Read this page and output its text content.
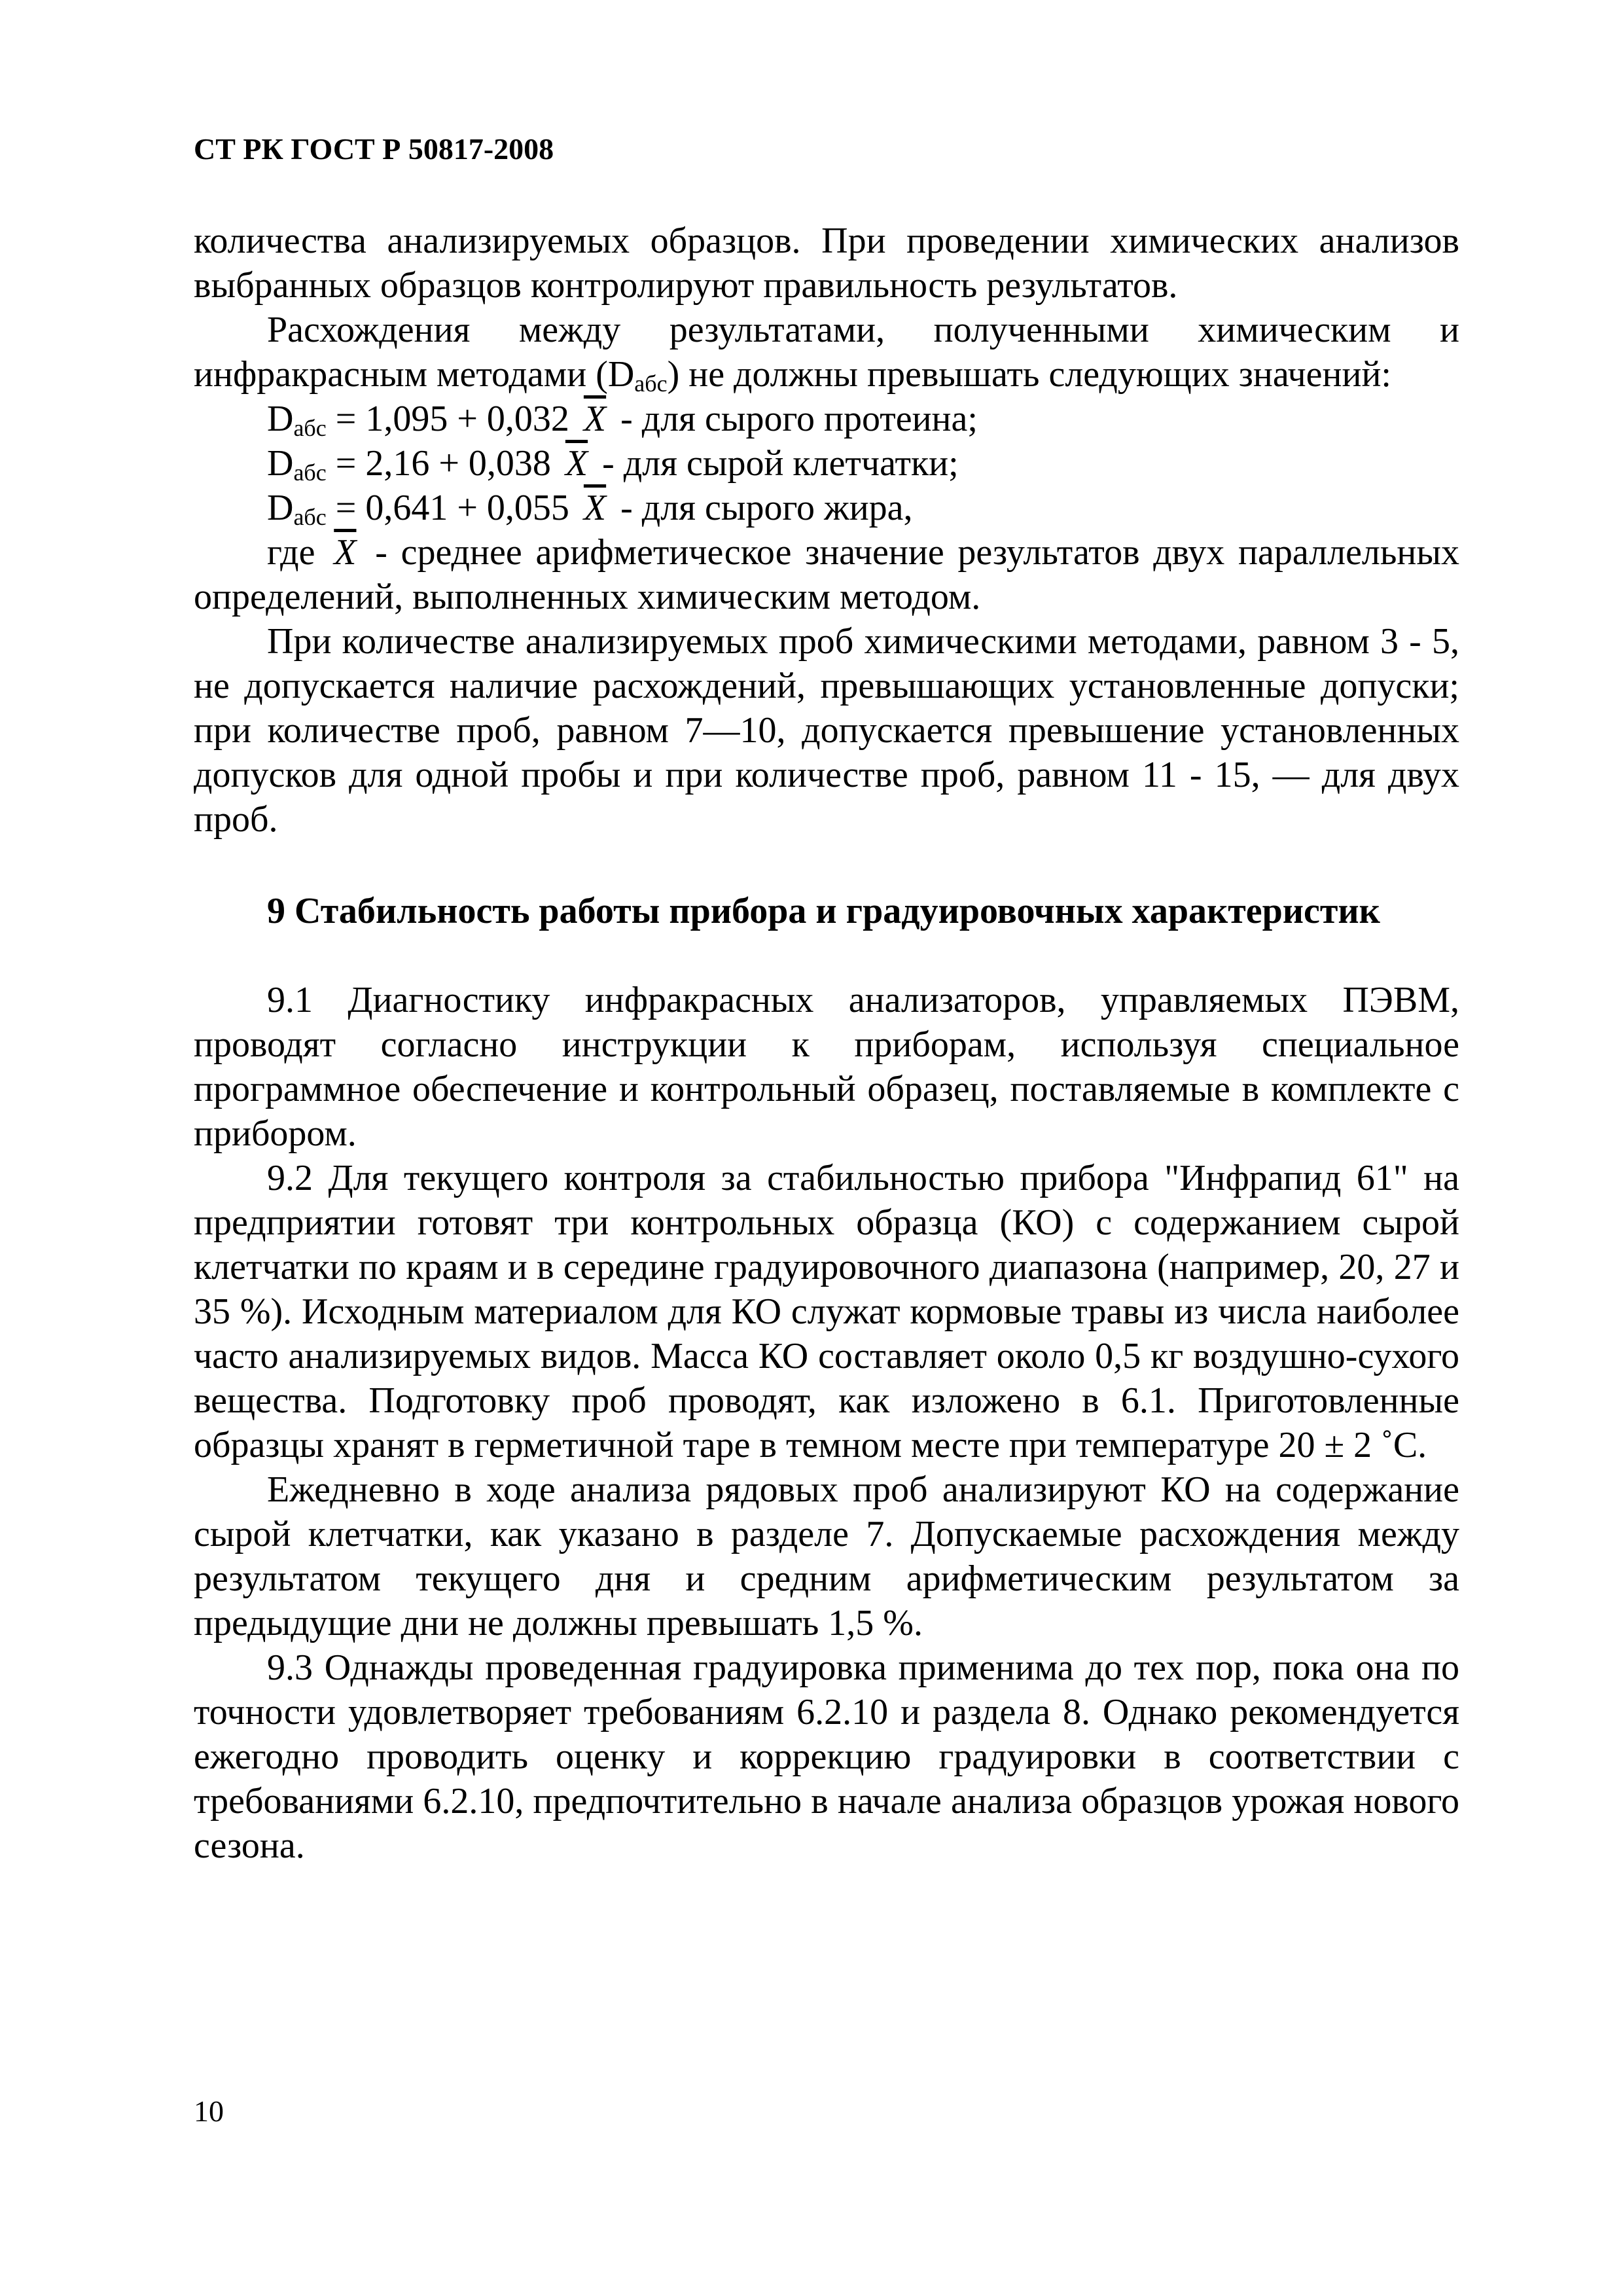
СТ РК ГОСТ Р 50817-2008

количества анализируемых образцов. При проведении химических анализов выбранных образцов контролируют правильность результатов.

Расхождения между результатами, полученными химическим и инфракрасным методами $(D_{абс})$ не должны превышать следующих значений:

$D_{абс} = 1,095 + 0,032$ $\overline{X}$ - для сырого протеина;
$D_{абс} = 2,16 + 0,038$ $\overline{X}$ - для сырой клетчатки;
$D_{абс} = 0,641 + 0,055$ $\overline{X}$ - для сырого жира,

где $\overline{X}$ - среднее арифметическое значение результатов двух параллельных определений, выполненных химическим методом.

При количестве анализируемых проб химическими методами, равном 3 - 5, не допускается наличие расхождений, превышающих установленные допуски; при количестве проб, равном 7—10, допускается превышение установленных допусков для одной пробы и при количестве проб, равном 11 - 15, — для двух проб.

9 Стабильность работы прибора и градуировочных характеристик

9.1 Диагностику инфракрасных анализаторов, управляемых ПЭВМ, проводят согласно инструкции к приборам, используя специальное программное обеспечение и контрольный образец, поставляемые в комплекте с прибором.

9.2 Для текущего контроля за стабильностью прибора "Инфрапид 61" на предприятии готовят три контрольных образца (КО) с содержанием сырой клетчатки по краям и в середине градуировочного диапазона (например, 20, 27 и 35 %). Исходным материалом для КО служат кормовые травы из числа наиболее часто анализируемых видов. Масса КО составляет около 0,5 кг воздушно-сухого вещества. Подготовку проб проводят, как изложено в 6.1. Приготовленные образцы хранят в герметичной таре в темном месте при температуре 20 ± 2 ˚С.

Ежедневно в ходе анализа рядовых проб анализируют КО на содержание сырой клетчатки, как указано в разделе 7. Допускаемые расхождения между результатом текущего дня и средним арифметическим результатом за предыдущие дни не должны превышать 1,5 %.

9.3 Однажды проведенная градуировка применима до тех пор, пока она по точности удовлетворяет требованиям 6.2.10 и раздела 8. Однако рекомендуется ежегодно проводить оценку и коррекцию градуировки в соответствии с требованиями 6.2.10, предпочтительно в начале анализа образцов урожая нового сезона.

10
